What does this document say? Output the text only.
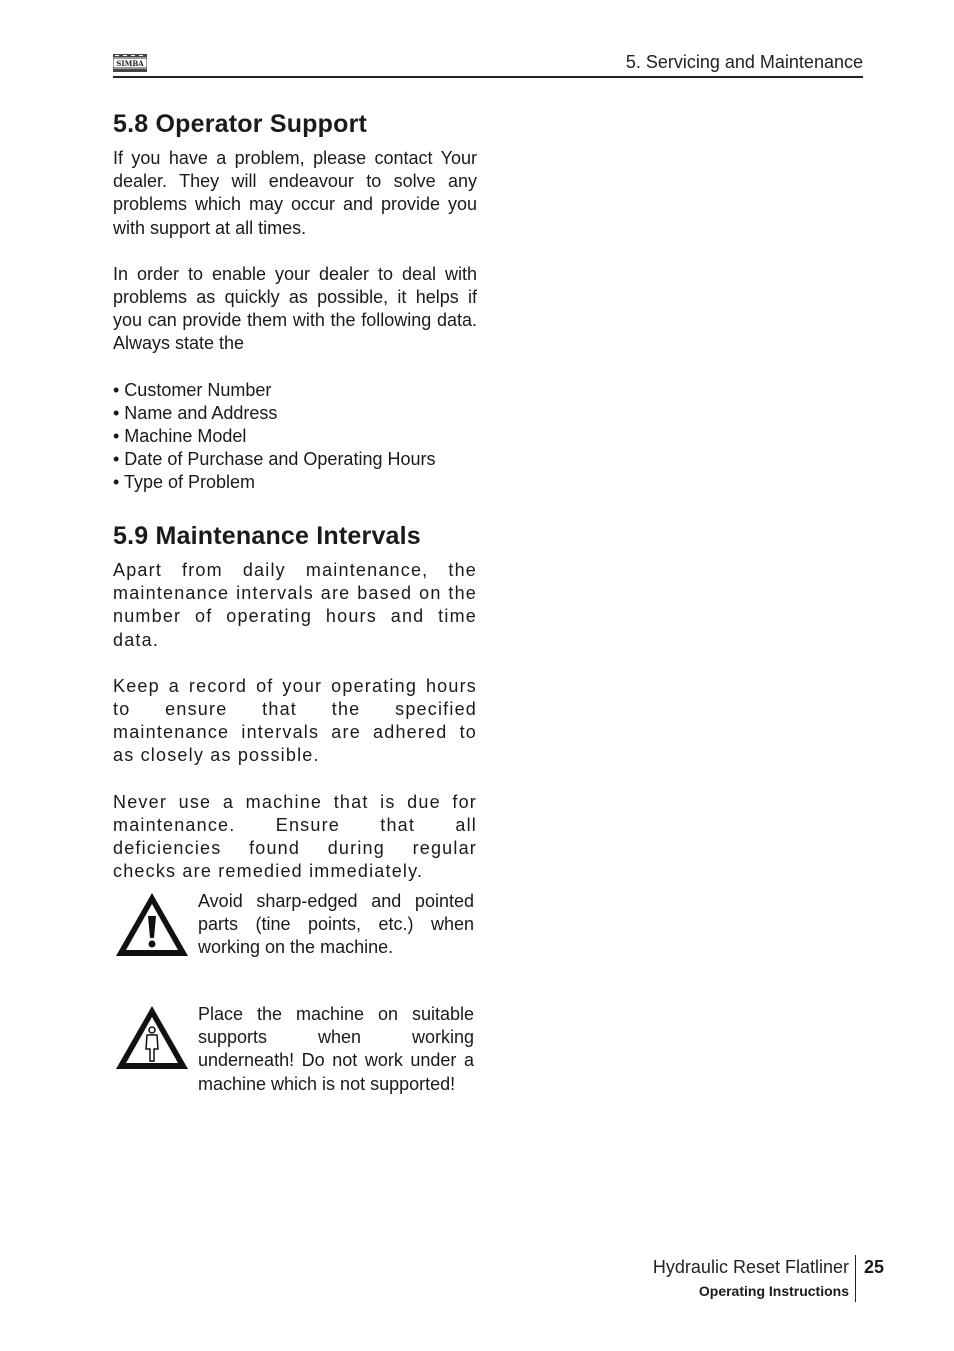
SIMBA	5. Servicing and Maintenance
5.8 Operator Support

If you have a problem, please contact Your dealer. They will endeavour to solve any problems which may occur and provide you with support at all times.

In order to enable your dealer to deal with problems as quickly as possible, it helps if you can provide them with the following data. Always state the

• Customer Number
• Name and Address
• Machine Model
• Date of Purchase and Operating Hours
• Type of Problem
5.9 Maintenance Intervals

Apart from daily maintenance, the maintenance intervals are based on the number of operating hours and time data.

Keep a record of your operating hours to ensure that the specified maintenance intervals are adhered to as closely as possible.

Never use a machine that is due for maintenance. Ensure that all deficiencies found during regular checks are remedied immediately.

Avoid sharp-edged and pointed parts (tine points, etc.) when working on the machine.
Place the machine on suitable supports when working underneath! Do not work under a machine which is not supported!
Hydraulic Reset Flatliner
Operating Instructions
25
